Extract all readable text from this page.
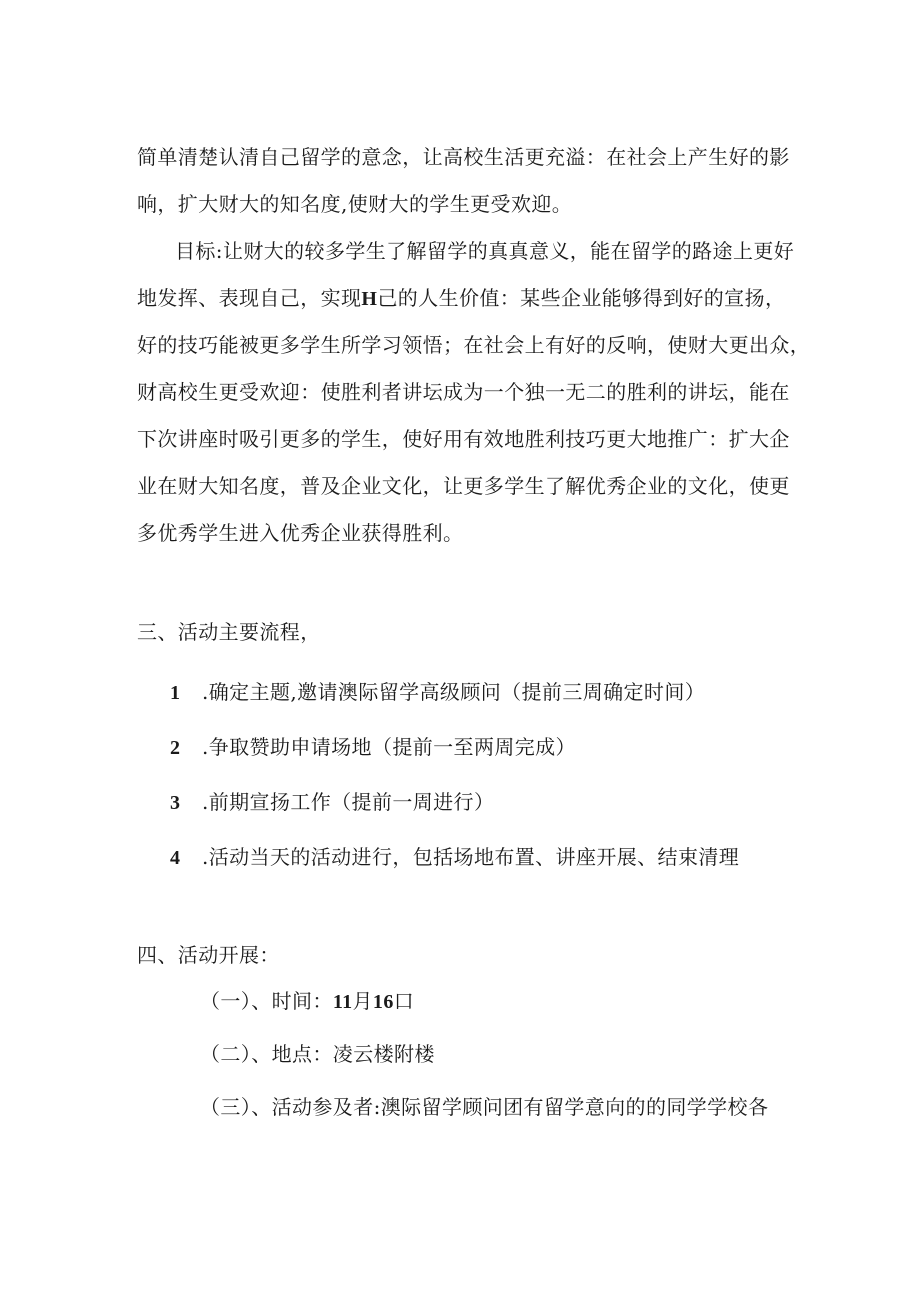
简单清楚认清自己留学的意念，让高校生活更充溢：在社会上产生好的影
响，扩大财大的知名度,使财大的学生更受欢迎。
目标:让财大的较多学生了解留学的真真意义，能在留学的路途上更好
地发挥、表现自己，实现H己的人生价值：某些企业能够得到好的宣扬，
好的技巧能被更多学生所学习领悟；在社会上有好的反响，使财大更出众，
财高校生更受欢迎：使胜利者讲坛成为一个独一无二的胜利的讲坛，能在
下次讲座时吸引更多的学生，使好用有效地胜利技巧更大地推广：扩大企
业在财大知名度，普及企业文化，让更多学生了解优秀企业的文化，使更
多优秀学生进入优秀企业获得胜利。
三、活动主要流程，
1 .确定主题,邀请澳际留学高级顾问（提前三周确定时间）
2 .争取赞助申请场地（提前一至两周完成）
3 .前期宣扬工作（提前一周进行）
4 .活动当天的活动进行，包括场地布置、讲座开展、结束清理
四、活动开展：
（一）、时间：11月16口
（二）、地点：凌云楼附楼
（三）、活动参及者:澳际留学顾问团有留学意向的的同学学校各
